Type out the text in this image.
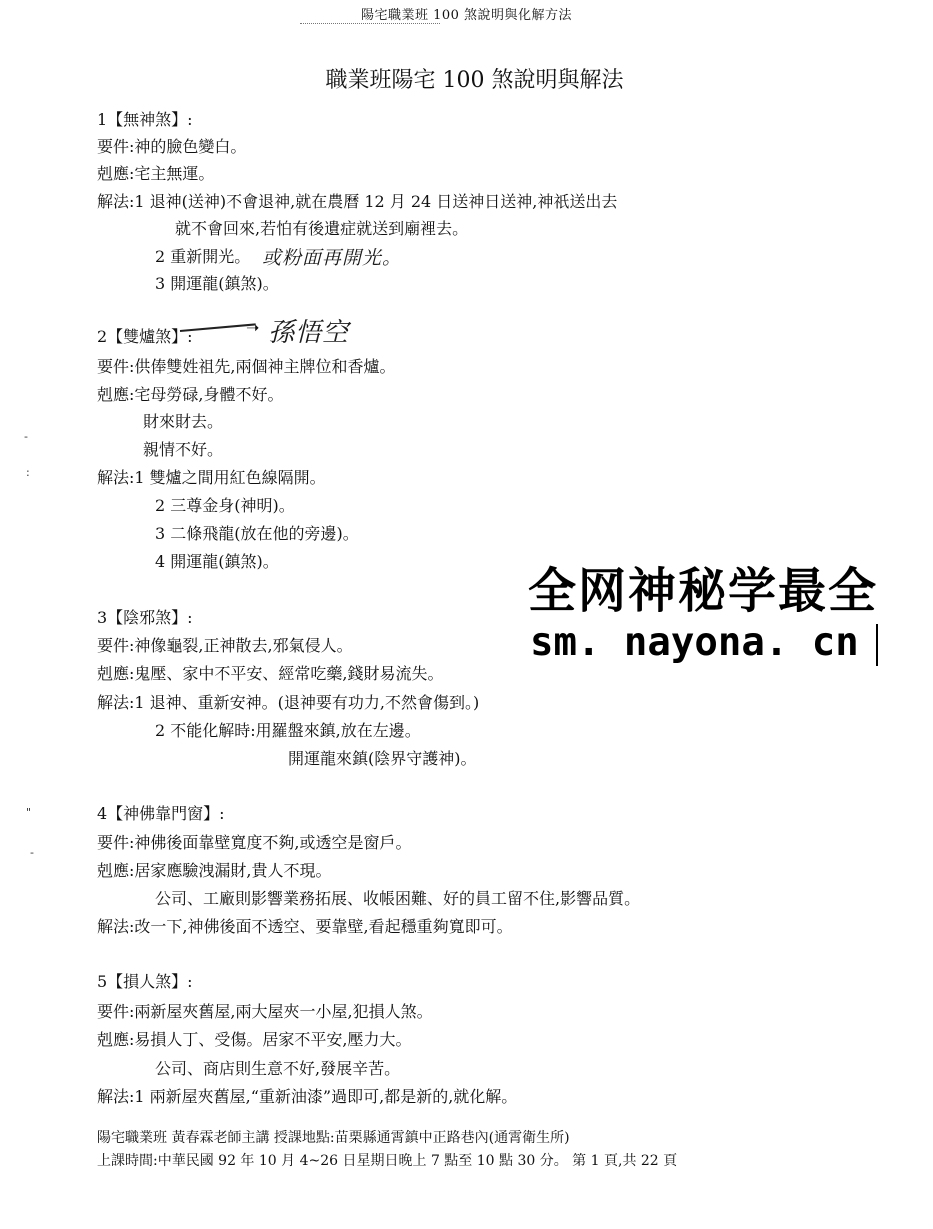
陽宅職業班 100 煞說明與化解方法
職業班陽宅 100 煞說明與解法
1【無神煞】:
要件:神的臉色變白。
剋應:宅主無運。
解法:1 退神(送神)不會退神,就在農曆 12 月 24 日送神日送神,神祇送出去
就不會回來,若怕有後遺症就送到廟裡去。
2 重新開光。 或粉面再開光。
3 開運龍(鎮煞)。
2【雙爐煞】:	➝ 孫悟空
要件:供俸雙姓祖先,兩個神主牌位和香爐。
剋應:宅母勞碌,身體不好。
財來財去。
親情不好。
解法:1 雙爐之間用紅色線隔開。
2 三尊金身(神明)。
3 二條飛龍(放在他的旁邊)。
4 開運龍(鎮煞)。
全网神秘学最全
sm. nayona. cn
3【陰邪煞】:
要件:神像龜裂,正神散去,邪氣侵人。
剋應:鬼壓、家中不平安、經常吃藥,錢財易流失。
解法:1 退神、重新安神。(退神要有功力,不然會傷到。)
2 不能化解時:用羅盤來鎮,放在左邊。
開運龍來鎮(陰界守護神)。
4【神佛靠門窗】:
要件:神佛後面靠壁寬度不夠,或透空是窗戶。
剋應:居家應驗洩漏財,貴人不現。
公司、工廠則影響業務拓展、收帳困難、好的員工留不住,影響品質。
解法:改一下,神佛後面不透空、要靠壁,看起穩重夠寬即可。
5【損人煞】:
要件:兩新屋夾舊屋,兩大屋夾一小屋,犯損人煞。
剋應:易損人丁、受傷。居家不平安,壓力大。
公司、商店則生意不好,發展辛苦。
解法:1 兩新屋夾舊屋,“重新油漆”過即可,都是新的,就化解。
陽宅職業班 黃春霖老師主講 授課地點:苗栗縣通霄鎮中正路巷內(通霄衛生所)
上課時間:中華民國 92 年 10 月 4~26 日星期日晚上 7 點至 10 點 30 分。 第 1 頁,共 22 頁
-
:
"
-
